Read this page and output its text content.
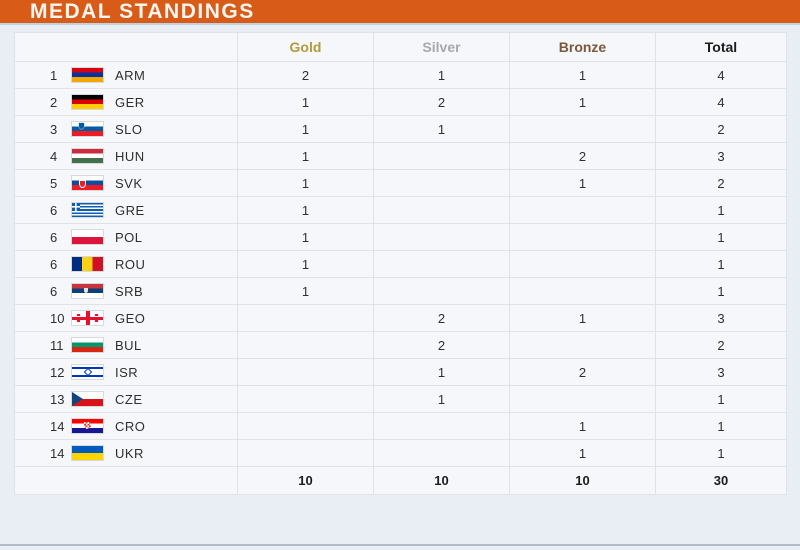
MEDAL STANDINGS
	Gold	Silver	Bronze	Total

1 ARM	2	1	1	4

2 GER	1	2	1	4

3 SLO	1	1		2

4 HUN	1		2	3

5 SVK	1		1	2

6 GRE	1			1

6 POL	1			1

6 ROU	1			1

6 SRB	1			1

10 GEO		2	1	3

11 BUL		2		2

12 ISR		1	2	3

13 CZE		1		1

14 CRO			1	1

14 UKR			1	1
	10	10	10	30
